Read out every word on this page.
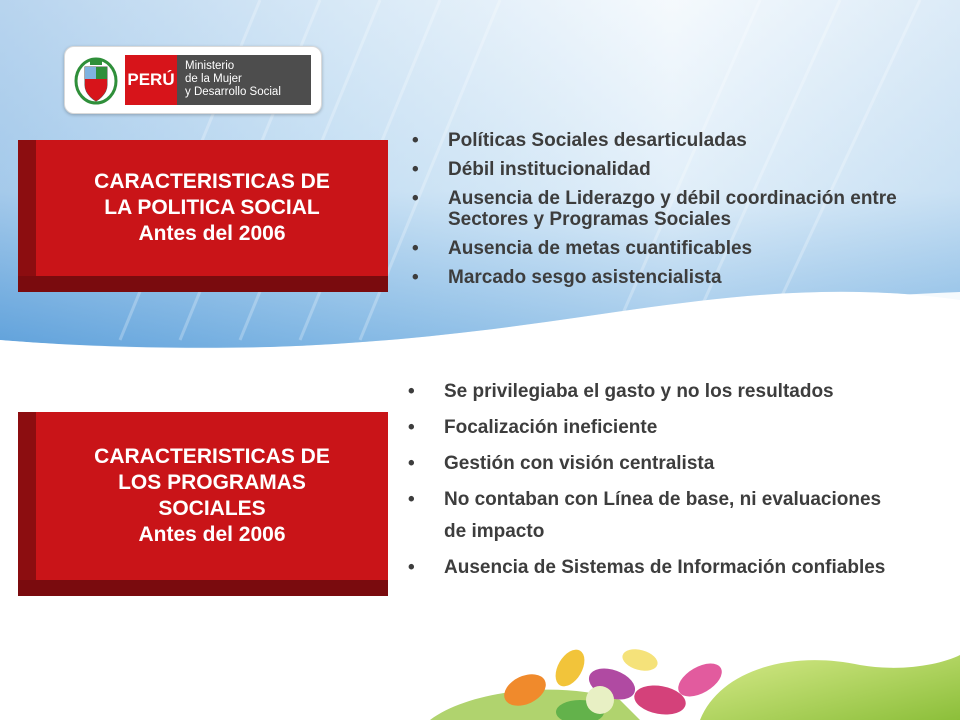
PERÚ
Ministerio
de la Mujer
y Desarrollo Social
CARACTERISTICAS DE
LA POLITICA SOCIAL
Antes del 2006
CARACTERISTICAS DE
LOS PROGRAMAS
SOCIALES
Antes del 2006
• Políticas Sociales desarticuladas
• Débil institucionalidad
• Ausencia de Liderazgo y débil coordinación entre Sectores y Programas Sociales
• Ausencia de metas cuantificables
• Marcado sesgo asistencialista
• Se privilegiaba el gasto y no los resultados
• Focalización ineficiente
• Gestión con visión centralista
• No contaban con Línea de base, ni evaluaciones de impacto
• Ausencia de Sistemas de Información confiables
